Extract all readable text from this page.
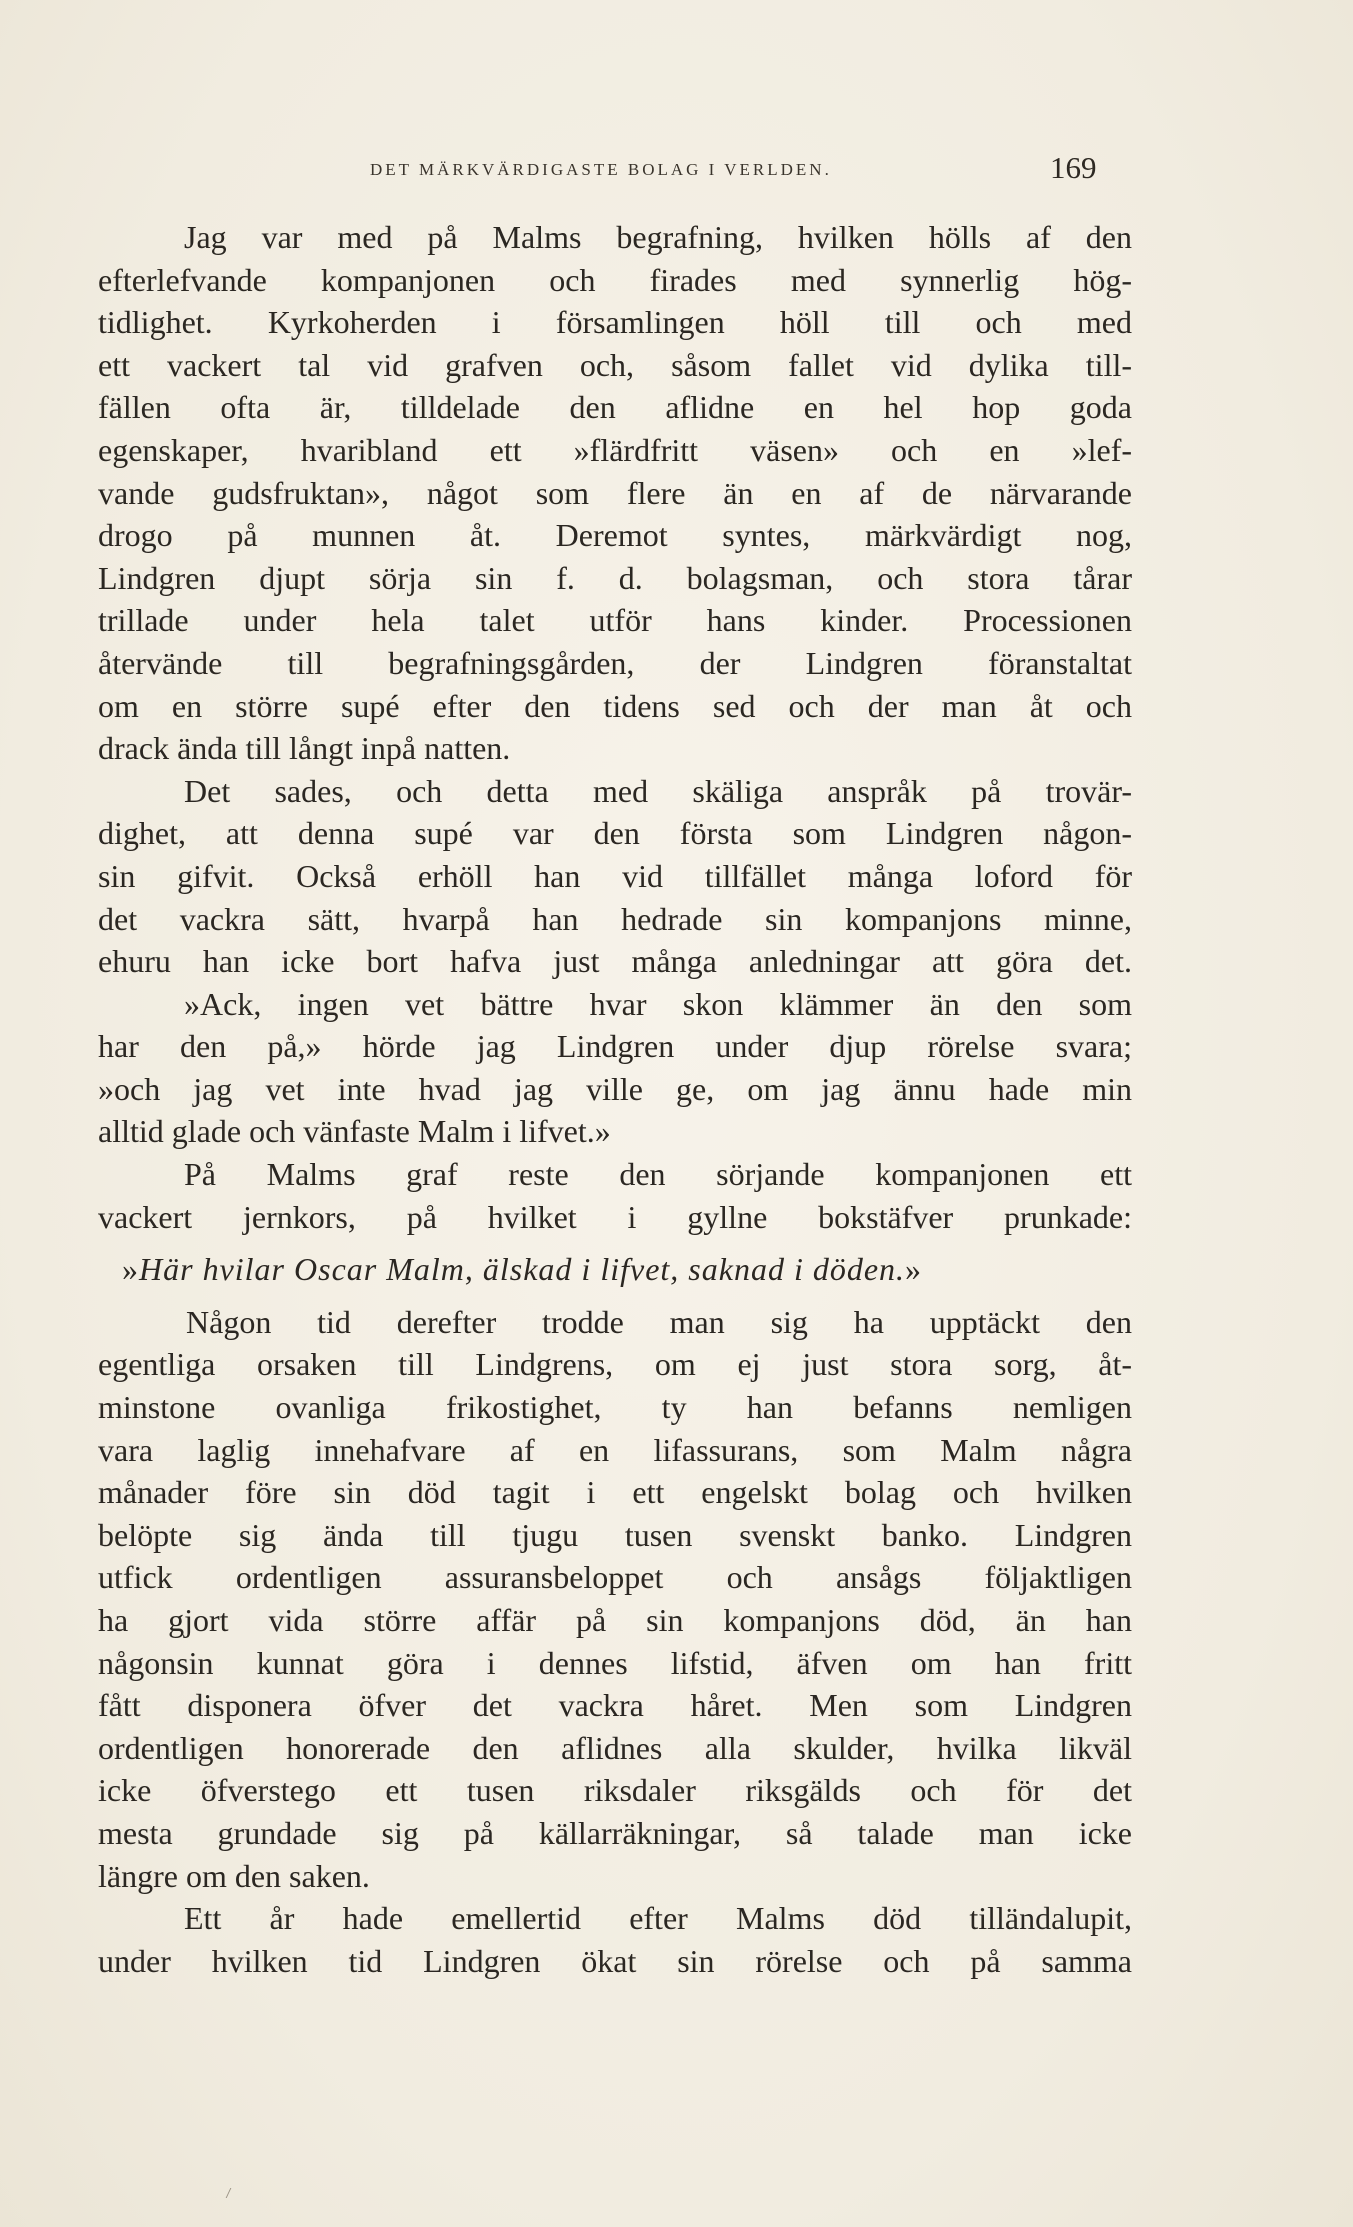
DET MÄRKVÄRDIGASTE BOLAG I VERLDEN.	169
Jag var med på Malms begrafning, hvilken hölls af den
efterlefvande kompanjonen och firades med synnerlig hög-
tidlighet. Kyrkoherden i församlingen höll till och med
ett vackert tal vid grafven och, såsom fallet vid dylika till-
fällen ofta är, tilldelade den aflidne en hel hop goda
egenskaper, hvaribland ett »flärdfritt väsen» och en »lef-
vande gudsfruktan», något som flere än en af de närvarande
drogo på munnen åt. Deremot syntes, märkvärdigt nog,
Lindgren djupt sörja sin f. d. bolagsman, och stora tårar
trillade under hela talet utför hans kinder. Processionen
återvände till begrafningsgården, der Lindgren föranstaltat
om en större supé efter den tidens sed och der man åt och
drack ända till långt inpå natten.
Det sades, och detta med skäliga anspråk på trovär-
dighet, att denna supé var den första som Lindgren någon-
sin gifvit. Också erhöll han vid tillfället många loford för
det vackra sätt, hvarpå han hedrade sin kompanjons minne,
ehuru han icke bort hafva just många anledningar att göra det.
»Ack, ingen vet bättre hvar skon klämmer än den som
har den på,» hörde jag Lindgren under djup rörelse svara;
»och jag vet inte hvad jag ville ge, om jag ännu hade min
alltid glade och vänfaste Malm i lifvet.»
På Malms graf reste den sörjande kompanjonen ett
vackert jernkors, på hvilket i gyllne bokstäfver prunkade:
»Här hvilar Oscar Malm, älskad i lifvet, saknad i döden.»
Någon tid derefter trodde man sig ha upptäckt den
egentliga orsaken till Lindgrens, om ej just stora sorg, åt-
minstone ovanliga frikostighet, ty han befanns nemligen
vara laglig innehafvare af en lifassurans, som Malm några
månader före sin död tagit i ett engelskt bolag och hvilken
belöpte sig ända till tjugu tusen svenskt banko. Lindgren
utfick ordentligen assuransbeloppet och ansågs följaktligen
ha gjort vida större affär på sin kompanjons död, än han
någonsin kunnat göra i dennes lifstid, äfven om han fritt
fått disponera öfver det vackra håret. Men som Lindgren
ordentligen honorerade den aflidnes alla skulder, hvilka likväl
icke öfverstego ett tusen riksdaler riksgälds och för det
mesta grundade sig på källarräkningar, så talade man icke
längre om den saken.
Ett år hade emellertid efter Malms död tilländalupit,
under hvilken tid Lindgren ökat sin rörelse och på samma
